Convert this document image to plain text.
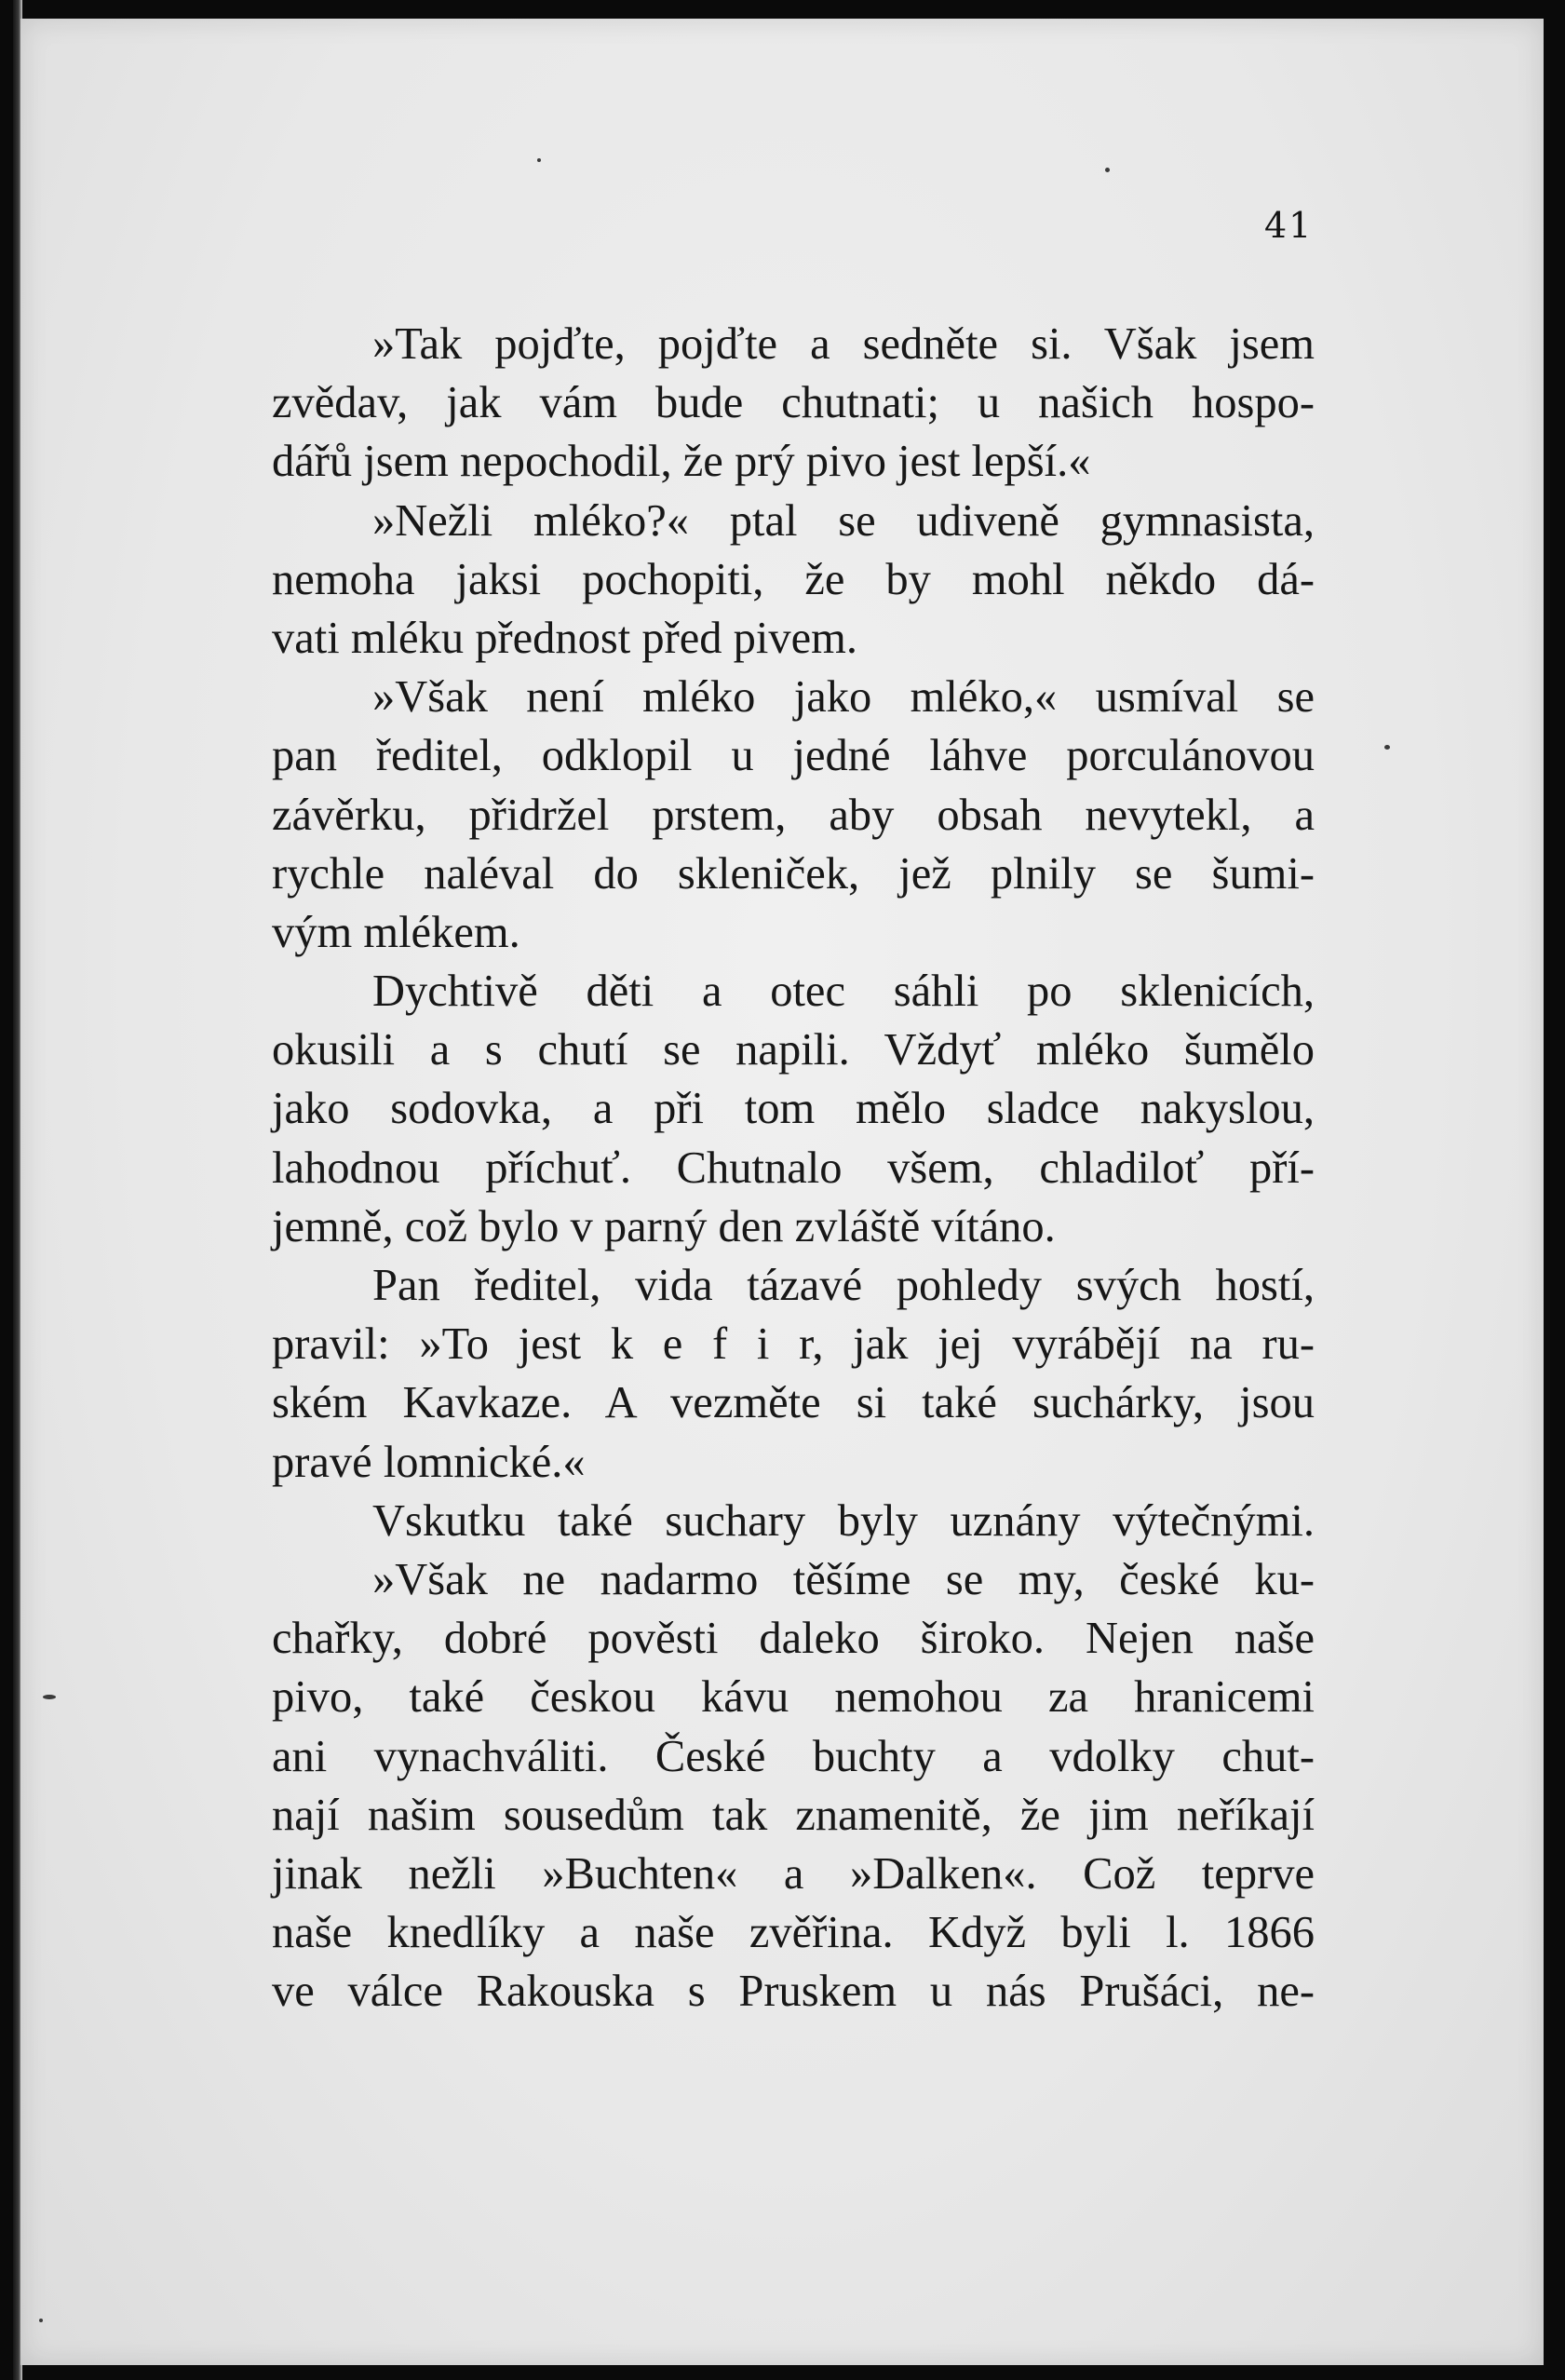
41
»Tak pojďte, pojďte a sedněte si. Však jsem
zvědav, jak vám bude chutnati; u našich hospo-
dářů jsem nepochodil, že prý pivo jest lepší.«
»Nežli mléko?« ptal se udiveně gymnasista,
nemoha jaksi pochopiti, že by mohl někdo dá-
vati mléku přednost před pivem.
»Však není mléko jako mléko,« usmíval se
pan ředitel, odklopil u jedné láhve porculánovou
závěrku, přidržel prstem, aby obsah nevytekl, a
rychle naléval do skleniček, jež plnily se šumi-
vým mlékem.
Dychtivě děti a otec sáhli po sklenicích,
okusili a s chutí se napili. Vždyť mléko šumělo
jako sodovka, a při tom mělo sladce nakyslou,
lahodnou příchuť. Chutnalo všem, chladiloť pří-
jemně, což bylo v parný den zvláště vítáno.
Pan ředitel, vida tázavé pohledy svých hostí,
pravil: »To jest k e f i r, jak jej vyrábějí na ru-
ském Kavkaze. A vezměte si také suchárky, jsou
pravé lomnické.«
Vskutku také suchary byly uznány výtečnými.
»Však ne nadarmo těšíme se my, české ku-
chařky, dobré pověsti daleko široko. Nejen naše
pivo, také českou kávu nemohou za hranicemi
ani vynachváliti. České buchty a vdolky chut-
nají našim sousedům tak znamenitě, že jim neříkají
jinak nežli »Buchten« a »Dalken«. Což teprve
naše knedlíky a naše zvěřina. Když byli l. 1866
ve válce Rakouska s Pruskem u nás Prušáci, ne-
